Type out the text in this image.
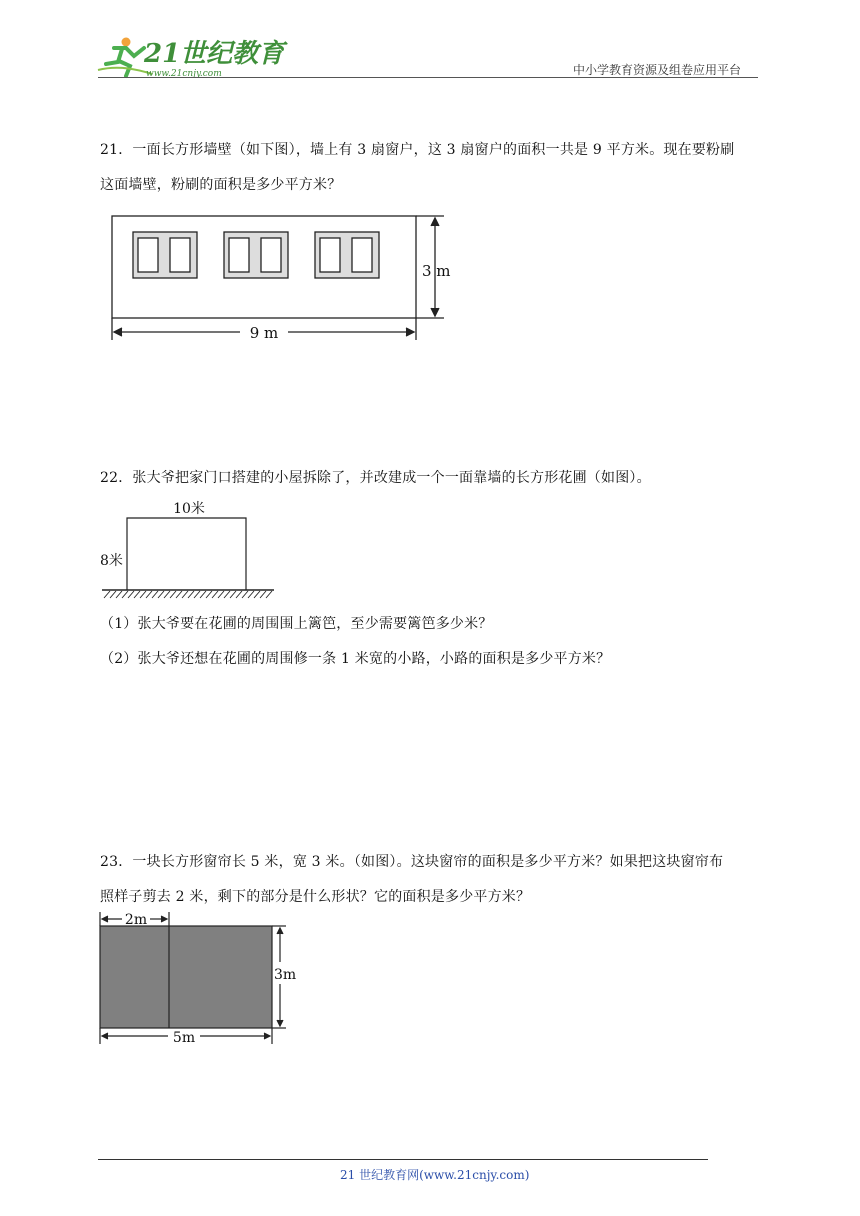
21世纪教育
www.21cnjy.com	中小学教育资源及组卷应用平台
21．一面长方形墙壁（如下图），墙上有 3 扇窗户，这 3 扇窗户的面积一共是 9 平方米。现在要粉刷
这面墙壁，粉刷的面积是多少平方米？
9 m
3 m
22．张大爷把家门口搭建的小屋拆除了，并改建成一个一面靠墙的长方形花圃（如图）。
10米
8米
（1）张大爷要在花圃的周围围上篱笆，至少需要篱笆多少米？
（2）张大爷还想在花圃的周围修一条 1 米宽的小路，小路的面积是多少平方米？
23．一块长方形窗帘长 5 米，宽 3 米。（如图）。这块窗帘的面积是多少平方米？如果把这块窗帘布
照样子剪去 2 米，剩下的部分是什么形状？它的面积是多少平方米？
2m
3m
5m
21 世纪教育网(www.21cnjy.com)
